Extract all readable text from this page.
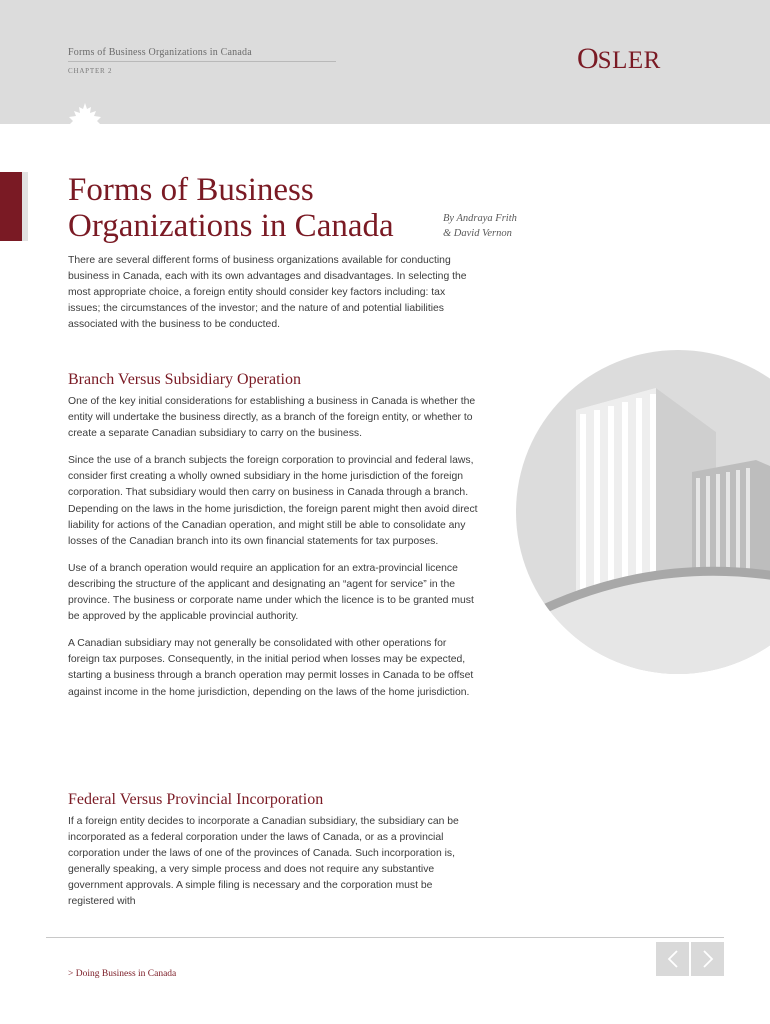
Forms of Business Organizations in Canada
CHAPTER 2	OSLER
Forms of Business
Organizations in Canada	By Andraya Frith
& David Vernon

There are several different forms of business organizations available for conducting business in Canada, each with its own advantages and disadvantages. In selecting the most appropriate choice, a foreign entity should consider key factors including: tax issues; the circumstances of the investor; and the nature of and potential liabilities associated with the business to be conducted.

Branch Versus Subsidiary Operation

One of the key initial considerations for establishing a business in Canada is whether the entity will undertake the business directly, as a branch of the foreign entity, or whether to create a separate Canadian subsidiary to carry on the business.

Since the use of a branch subjects the foreign corporation to provincial and federal laws, consider first creating a wholly owned subsidiary in the home jurisdiction of the foreign corporation. That subsidiary would then carry on business in Canada through a branch. Depending on the laws in the home jurisdiction, the foreign parent might then avoid direct liability for actions of the Canadian operation, and might still be able to consolidate any losses of the Canadian branch into its own financial statements for tax purposes.

Use of a branch operation would require an application for an extra-provincial licence describing the structure of the applicant and designating an “agent for service” in the province. The business or corporate name under which the licence is to be granted must be approved by the applicable provincial authority.

A Canadian subsidiary may not generally be consolidated with other operations for foreign tax purposes. Consequently, in the initial period when losses may be expected, starting a business through a branch operation may permit losses in Canada to be offset against income in the home jurisdiction, depending on the laws of the home jurisdiction.

Federal Versus Provincial Incorporation

If a foreign entity decides to incorporate a Canadian subsidiary, the subsidiary can be incorporated as a federal corporation under the laws of Canada, or as a provincial corporation under the laws of one of the provinces of Canada. Such incorporation is, generally speaking, a very simple process and does not require any substantive government approvals. A simple filing is necessary and the corporation must be registered with

> Doing Business in Canada
